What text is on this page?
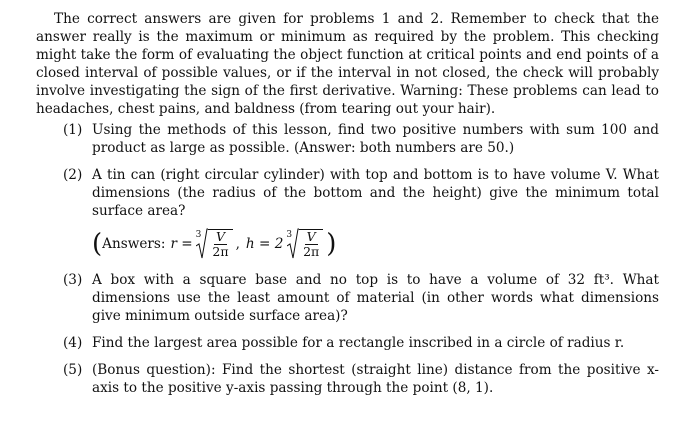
The correct answers are given for problems 1 and 2. Remember to check that the answer really is the maximum or minimum as required by the problem. This checking might take the form of evaluating the object function at critical points and end points of a closed interval of possible values, or if the interval in not closed, the check will probably involve investigating the sign of the first derivative. Warning: These problems can lead to headaches, chest pains, and baldness (from tearing out your hair).

(1) Using the methods of this lesson, find two positive numbers with sum 100 and product as large as possible. (Answer: both numbers are 50.)
(2) A tin can (right circular cylinder) with top and bottom is to have volume V. What dimensions (the radius of the bottom and the height) give the minimum total surface area?
( Answers: r =
$3 \frac{V}{2\pi}$ , h = 2
$3 \frac{V}{2\pi}$ )
(3) A box with a square base and no top is to have a volume of 32 ft³. What dimensions use the least amount of material (in other words what dimensions give minimum outside surface area)?
(4) Find the largest area possible for a rectangle inscribed in a circle of radius r.
(5) (Bonus question): Find the shortest (straight line) distance from the positive x-axis to the positive y-axis passing through the point (8, 1).
